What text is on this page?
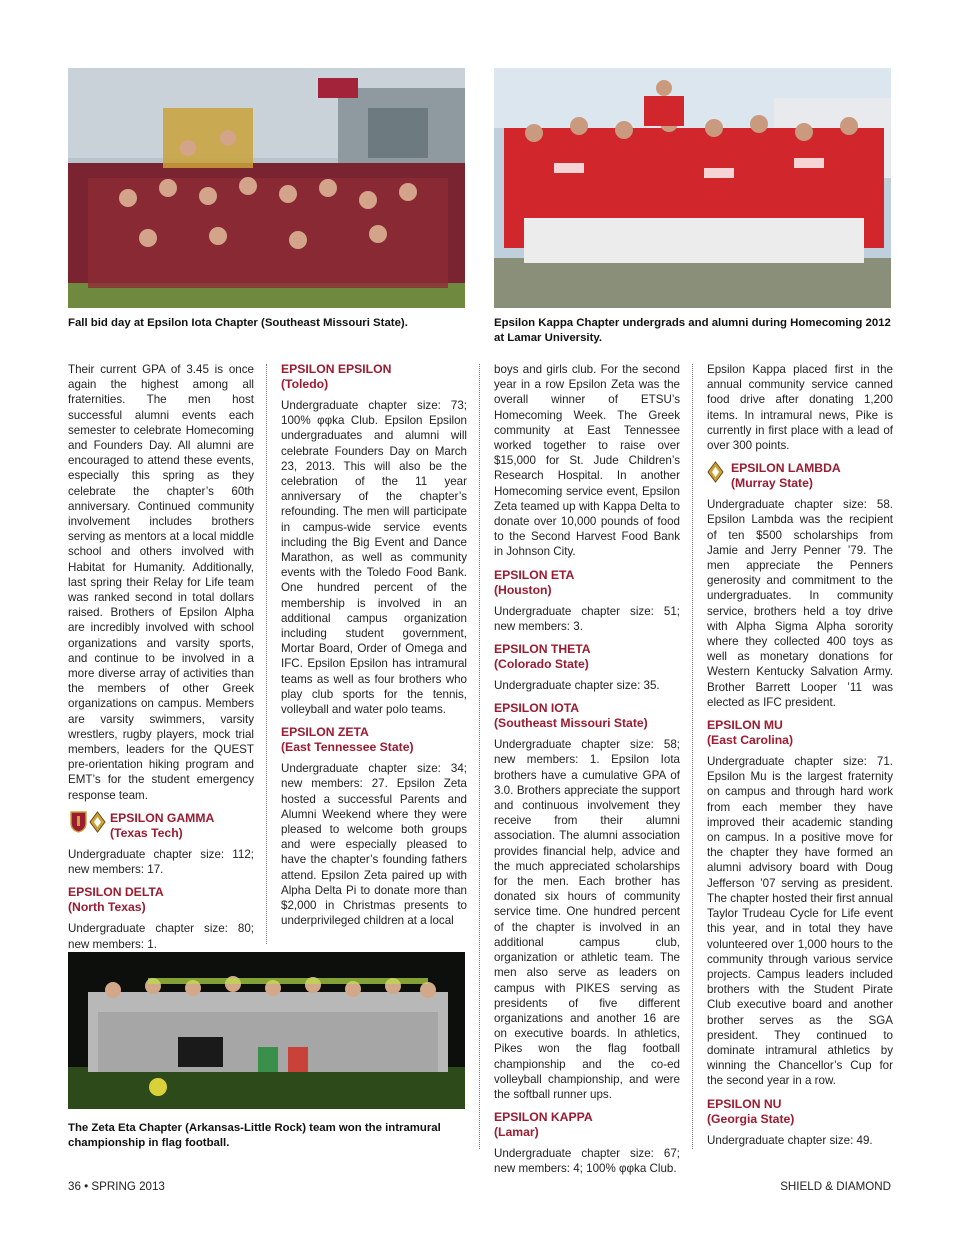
Fall bid day at Epsilon Iota Chapter (Southeast Missouri State).	Epsilon Kappa Chapter undergrads and alumni during Homecoming 2012 at Lamar University.

Their current GPA of 3.45 is once again the highest among all fraternities. The men host successful alumni events each semester to celebrate Homecoming and Founders Day. All alumni are encouraged to attend these events, especially this spring as they celebrate the chapter’s 60th anniversary. Continued community involvement includes brothers serving as mentors at a local middle school and others involved with Habitat for Humanity. Additionally, last spring their Relay for Life team was ranked second in total dollars raised. Brothers of Epsilon Alpha are incredibly involved with school organizations and varsity sports, and continue to be involved in a more diverse array of activities than the members of other Greek organizations on campus. Members are varsity swimmers, varsity wrestlers, rugby players, mock trial members, leaders for the QUEST pre-orientation hiking program and EMT’s for the student emergency response team.

EPSILON GAMMA
(Texas Tech)

Undergraduate chapter size: 112; new members: 17.

EPSILON DELTA
(North Texas)

Undergraduate chapter size: 80; new members: 1.

EPSILON EPSILON
(Toledo)

Undergraduate chapter size: 73; 100% φφka Club. Epsilon Epsilon undergraduates and alumni will celebrate Founders Day on March 23, 2013. This will also be the celebration of the 11 year anniversary of the chapter’s refounding. The men will participate in campus-wide service events including the Big Event and Dance Marathon, as well as community events with the Toledo Food Bank. One hundred percent of the membership is involved in an additional campus organization including student government, Mortar Board, Order of Omega and IFC. Epsilon Epsilon has intramural teams as well as four brothers who play club sports for the tennis, volleyball and water polo teams.

EPSILON ZETA
(East Tennessee State)

Undergraduate chapter size: 34; new members: 27. Epsilon Zeta hosted a successful Parents and Alumni Weekend where they were pleased to welcome both groups and were especially pleased to have the chapter’s founding fathers attend. Epsilon Zeta paired up with Alpha Delta Pi to donate more than $2,000 in Christmas presents to underprivileged children at a local

boys and girls club. For the second year in a row Epsilon Zeta was the overall winner of ETSU’s Homecoming Week. The Greek community at East Tennessee worked together to raise over $15,000 for St. Jude Children’s Research Hospital. In another Homecoming service event, Epsilon Zeta teamed up with Kappa Delta to donate over 10,000 pounds of food to the Second Harvest Food Bank in Johnson City.

EPSILON ETA
(Houston)

Undergraduate chapter size: 51; new members: 3.

EPSILON THETA
(Colorado State)

Undergraduate chapter size: 35.

EPSILON IOTA
(Southeast Missouri State)

Undergraduate chapter size: 58; new members: 1. Epsilon Iota brothers have a cumulative GPA of 3.0. Brothers appreciate the support and continuous involvement they receive from their alumni association. The alumni association provides financial help, advice and the much appreciated scholarships for the men. Each brother has donated six hours of community service time. One hundred percent of the chapter is involved in an additional campus club, organization or athletic team. The men also serve as leaders on campus with PIKES serving as presidents of five different organizations and another 16 are on executive boards. In athletics, Pikes won the flag football championship and the co-ed volleyball championship, and were the softball runner ups.

EPSILON KAPPA
(Lamar)

Undergraduate chapter size: 67; new members: 4; 100% φφka Club.

Epsilon Kappa placed first in the annual community service canned food drive after donating 1,200 items. In intramural news, Pike is currently in first place with a lead of over 300 points.

EPSILON LAMBDA
(Murray State)

Undergraduate chapter size: 58. Epsilon Lambda was the recipient of ten $500 scholarships from Jamie and Jerry Penner ’79. The men appreciate the Penners generosity and commitment to the undergraduates. In community service, brothers held a toy drive with Alpha Sigma Alpha sorority where they collected 400 toys as well as monetary donations for Western Kentucky Salvation Army. Brother Barrett Looper ’11 was elected as IFC president.

EPSILON MU
(East Carolina)

Undergraduate chapter size: 71. Epsilon Mu is the largest fraternity on campus and through hard work from each member they have improved their academic standing on campus. In a positive move for the chapter they have formed an alumni advisory board with Doug Jefferson ’07 serving as president. The chapter hosted their first annual Taylor Trudeau Cycle for Life event this year, and in total they have volunteered over 1,000 hours to the community through various service projects. Campus leaders included brothers with the Student Pirate Club executive board and another brother serves as the SGA president. They continued to dominate intramural athletics by winning the Chancellor’s Cup for the second year in a row.

EPSILON NU
(Georgia State)

Undergraduate chapter size: 49.

The Zeta Eta Chapter (Arkansas-Little Rock) team won the intramural championship in flag football.
36 • SPRING 2013	SHIELD & DIAMOND
